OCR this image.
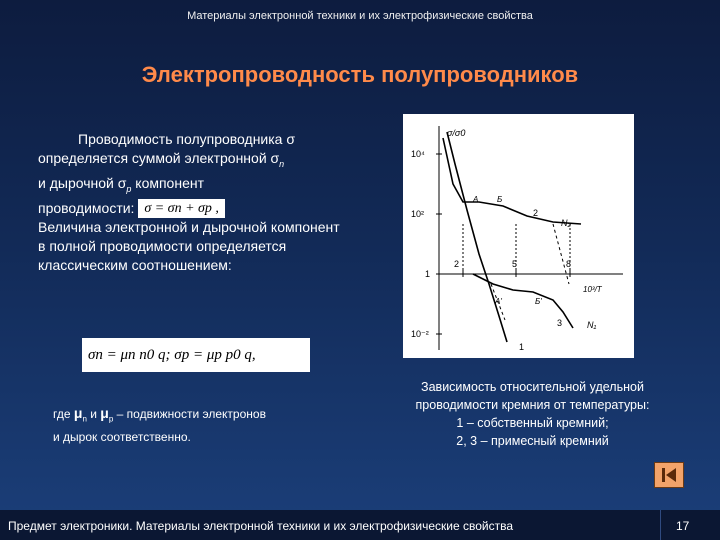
Материалы электронной техники и их электрофизические свойства
Электропроводность полупроводников
Проводимость полупроводника σ определяется суммой электронной $\sigma_n$
и дырочной $\sigma_p$ компонент
проводимости: σ = σn + σp ,
Величина электронной и дырочной компонент в полной проводимости определяется классическим соотношением:
σn = μn n0 q; σp = μp p0 q,
где $\mu_n$ и $\mu_p$ – подвижности электронов
и дырок соответственно.
σ/σ0
10⁴
10²
1
10⁻²
2	5	8
10³/T
A Б
A'	Б'
2
N₂
3	N₁
1
Зависимость относительной удельной
проводимости кремния от температуры:
1 – собственный кремний;
2, 3 – примесный кремний
Предмет электроники. Материалы электронной техники и их электрофизические свойства	17
